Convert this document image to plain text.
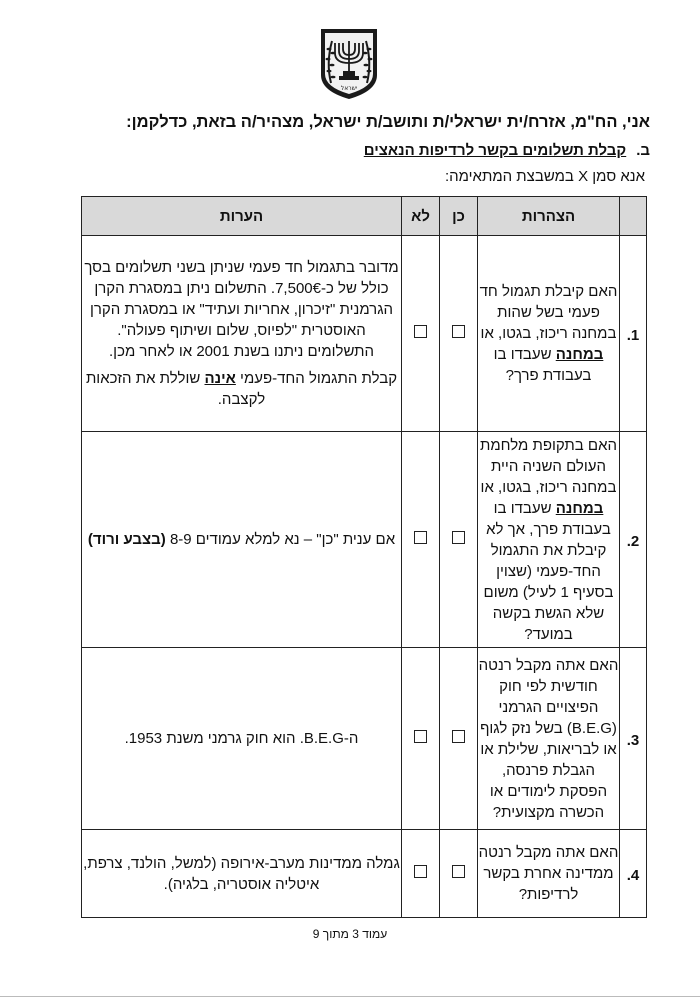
ישראל
אני, הח"מ, אזרח/ית ישראלי/ת ותושב/ת ישראל, מצהיר/ה בזאת, כדלקמן:
ב.קבלת תשלומים בקשר לרדיפות הנאצים
אנא סמן X במשבצת המתאימה:
	הצהרות	כן	לא	הערות

1.	האם קיבלת תגמול חד פעמי בשל שהות במחנה ריכוז, בגטו, או במחנה שעבדו בו בעבודת פרך?			מדובר בתגמול חד פעמי שניתן בשני תשלומים בסך כולל של כ-7,500€. התשלום ניתן במסגרת הקרן הגרמנית "זיכרון, אחריות ועתיד" או במסגרת הקרן האוסטרית "לפיוס, שלום ושיתוף פעולה". התשלומים ניתנו בשנת 2001 או לאחר מכן.

קבלת התגמול החד-פעמי אינה שוללת את הזכאות לקצבה.

2.	האם בתקופת מלחמת העולם השניה היית במחנה ריכוז, בגטו, או במחנה שעבדו בו בעבודת פרך, אך לא קיבלת את התגמול החד-פעמי (שצוין בסעיף 1 לעיל) משום שלא הגשת בקשה במועד?			אם ענית "כן" – נא למלא עמודים 8-9 (בצבע ורוד)

3.	האם אתה מקבל רנטה חודשית לפי חוק הפיצויים הגרמני (B.E.G) בשל נזק לגוף או לבריאות, שלילת או הגבלת פרנסה, הפסקת לימודים או הכשרה מקצועית?			ה-B.E.G. הוא חוק גרמני משנת 1953.

4.	האם אתה מקבל רנטה ממדינה אחרת בקשר לרדיפות?			גמלה ממדינות מערב-אירופה (למשל, הולנד, צרפת, איטליה אוסטריה, בלגיה).
עמוד 3 מתוך 9
